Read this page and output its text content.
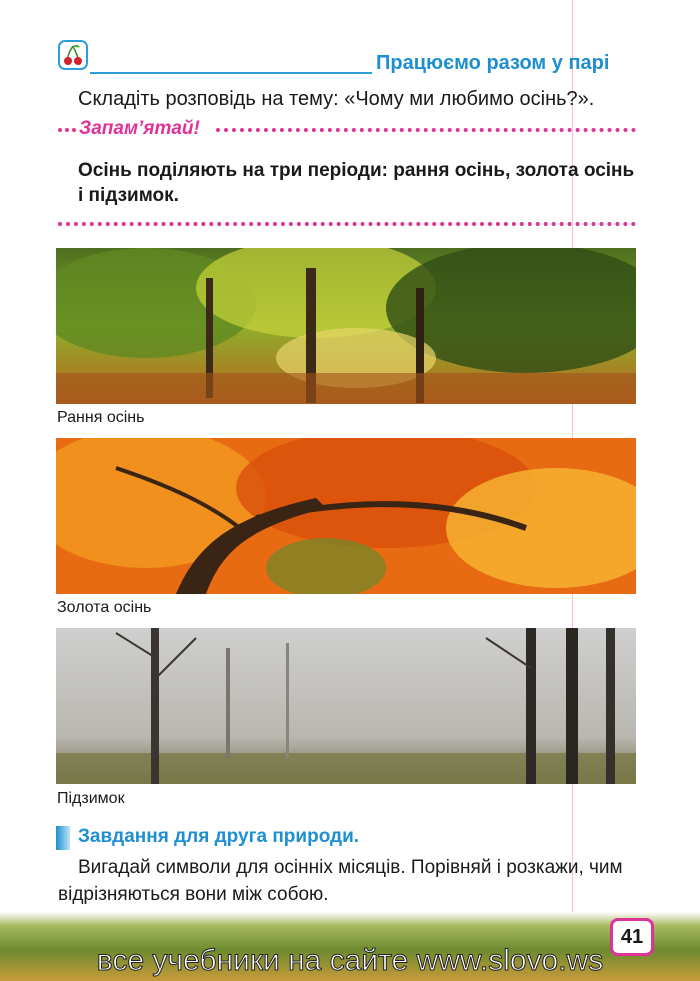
Працюємо разом у парі
Складіть розповідь на тему: «Чому ми любимо осінь?».
Запам’ятай!
Осінь поділяють на три періоди: рання осінь, золота осінь і підзимок.
Рання осінь
Золота осінь
Підзимок
Завдання для друга природи.
Вигадай символи для осінніх місяців. Порівняй і розкажи, чим відрізняються вони між собою.
41
все учебники на сайте www.slovo.ws
